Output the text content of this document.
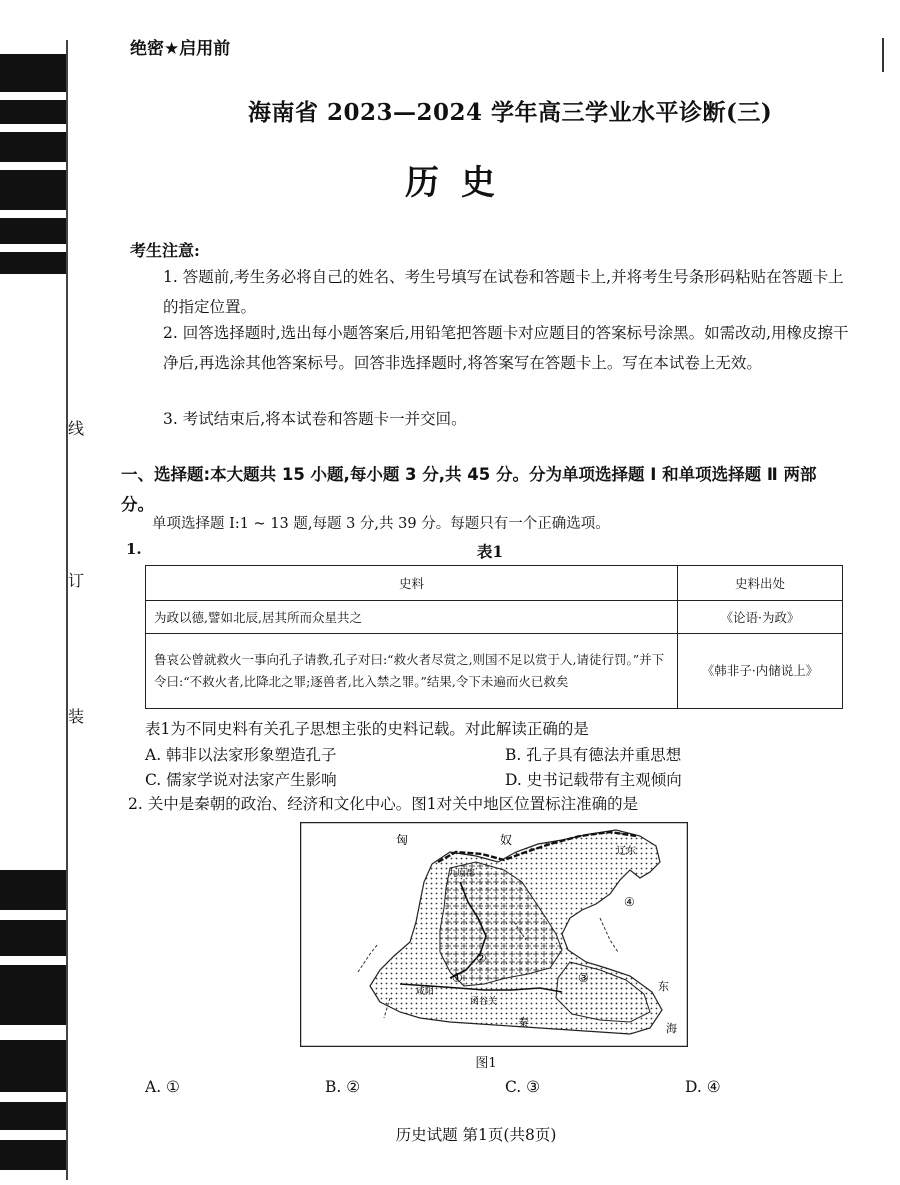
线
订
装
绝密★启用前
海南省 2023—2024 学年高三学业水平诊断(三)
历史
考生注意:
1. 答题前,考生务必将自己的姓名、考生号填写在试卷和答题卡上,并将考生号条形码粘贴在答题卡上的指定位置。
2. 回答选择题时,选出每小题答案后,用铅笔把答题卡对应题目的答案标号涂黑。如需改动,用橡皮擦干净后,再选涂其他答案标号。回答非选择题时,将答案写在答题卡上。写在本试卷上无效。
3. 考试结束后,将本试卷和答题卡一并交回。
一、选择题:本大题共 15 小题,每小题 3 分,共 45 分。分为单项选择题 Ⅰ 和单项选择题 Ⅱ 两部分。
单项选择题 Ⅰ:1 ~ 13 题,每题 3 分,共 39 分。每题只有一个正确选项。
1.	表1
史料	史料出处
为政以德,譬如北辰,居其所而众星共之	《论语·为政》
鲁哀公曾就救火一事向孔子请教,孔子对曰:“救火者尽赏之,则国不足以赏于人,请徒行罚。”并下令曰:“不救火者,比降北之罪;逐兽者,比入禁之罪。”结果,令下未遍而火已救矣	《韩非子·内储说上》
表1为不同史料有关孔子思想主张的史料记载。对此解读正确的是
A. 韩非以法家形象塑造孔子	B. 孔子具有德法并重思想
C. 儒家学说对法家产生影响	D. 史书记载带有主观倾向
2. 关中是秦朝的政治、经济和文化中心。图1对关中地区位置标注准确的是
匈	奴
辽东
九原郡
咸阳
函谷关
秦
东
海
①
②
③
④
图1
A. ①	B. ②	C. ③	D. ④
历史试题 第1页(共8页)
